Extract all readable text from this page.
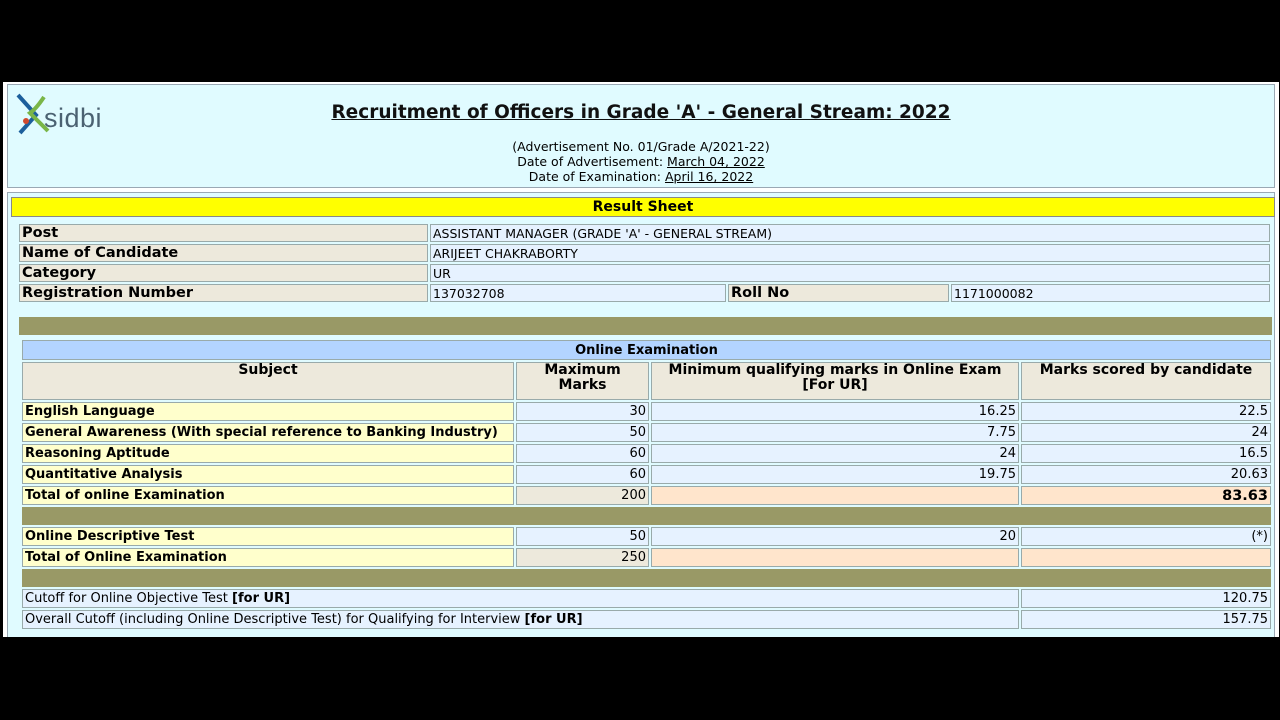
sidbi	Recruitment of Officers in Grade 'A' - General Stream: 2022
(Advertisement No. 01/Grade A/2021-22)
Date of Advertisement: March 04, 2022
Date of Examination: April 16, 2022
Result Sheet
Post	ASSISTANT MANAGER (GRADE 'A' - GENERAL STREAM)		
Name of Candidate	ARIJEET CHAKRABORTY		
Category	UR		
Registration Number	137032708	Roll No	1171000082
Online Examination			
Subject	Maximum Marks	Minimum qualifying marks in Online Exam [For UR]	Marks scored by candidate
English Language	30	16.25	22.5
General Awareness (With special reference to Banking Industry)	50	7.75	24
Reasoning Aptitude	60	24	16.5
Quantitative Analysis	60	19.75	20.63
Total of online Examination	200		83.63

Online Descriptive Test	50	20	(*)
Total of Online Examination	250		

Cutoff for Online Objective Test [for UR]			120.75
Overall Cutoff (including Online Descriptive Test) for Qualifying for Interview [for UR]			157.75
